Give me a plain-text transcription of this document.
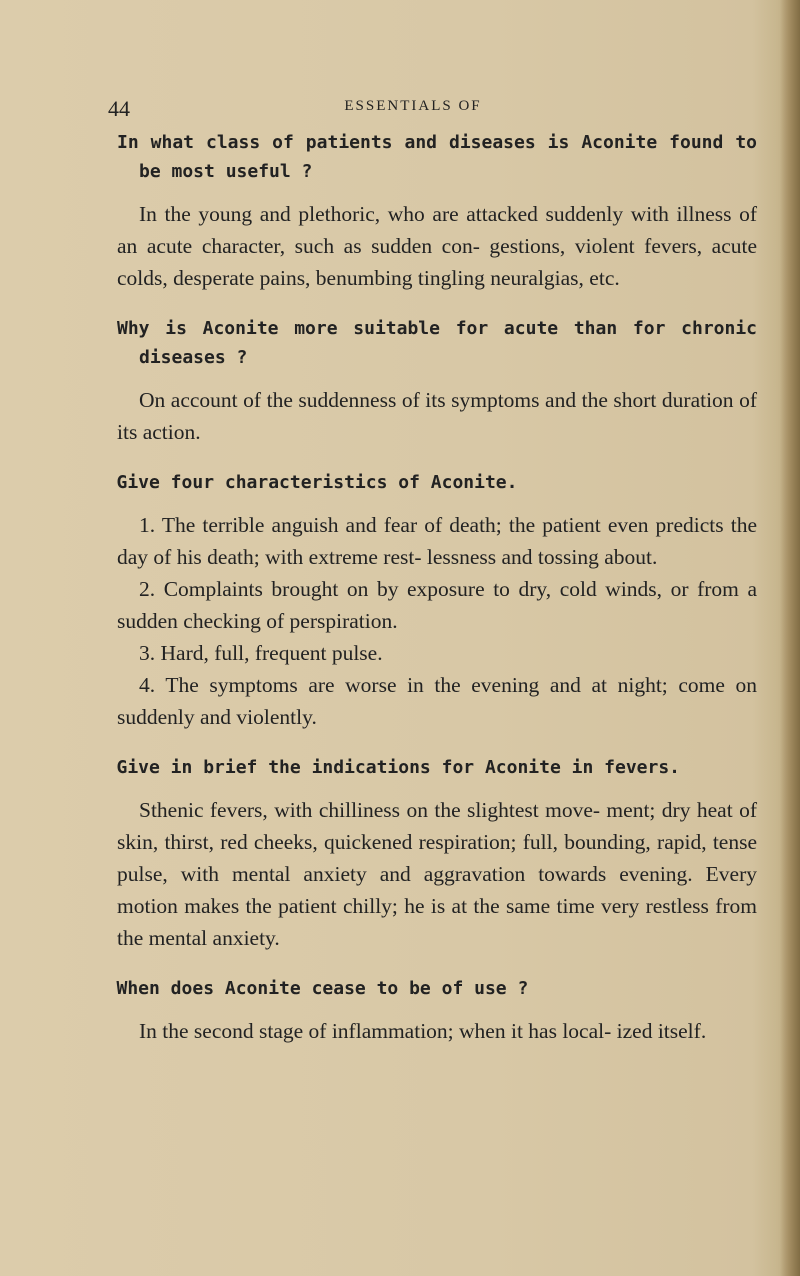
44	ESSENTIALS OF

In what class of patients and diseases is Aconite found to be most useful ?

In the young and plethoric, who are attacked suddenly with illness of an acute character, such as sudden con- gestions, violent fevers, acute colds, desperate pains, benumbing tingling neuralgias, etc.

Why is Aconite more suitable for acute than for chronic diseases ?

On account of the suddenness of its symptoms and the short duration of its action.

Give four characteristics of Aconite.

1. The terrible anguish and fear of death; the patient even predicts the day of his death; with extreme rest- lessness and tossing about.

2. Complaints brought on by exposure to dry, cold winds, or from a sudden checking of perspiration.

3. Hard, full, frequent pulse.

4. The symptoms are worse in the evening and at night; come on suddenly and violently.

Give in brief the indications for Aconite in fevers.

Sthenic fevers, with chilliness on the slightest move- ment; dry heat of skin, thirst, red cheeks, quickened respiration; full, bounding, rapid, tense pulse, with mental anxiety and aggravation towards evening. Every motion makes the patient chilly; he is at the same time very restless from the mental anxiety.

When does Aconite cease to be of use ?

In the second stage of inflammation; when it has local- ized itself.
